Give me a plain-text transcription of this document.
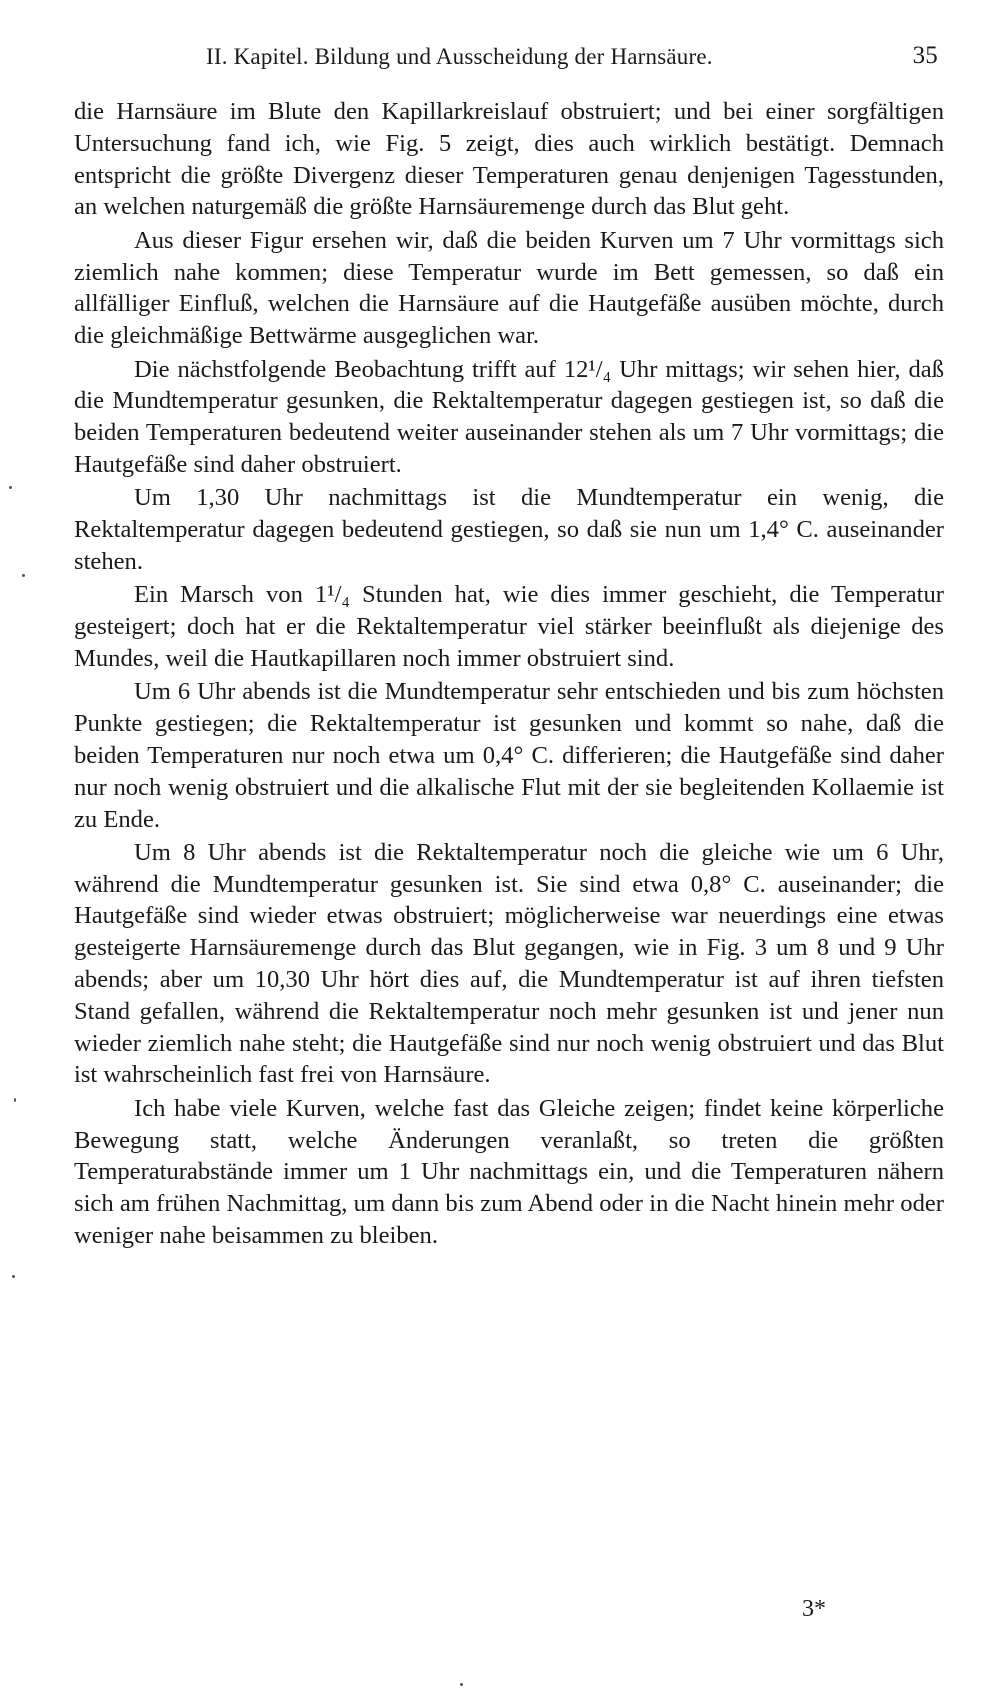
II. Kapitel. Bildung und Ausscheidung der Harnsäure.	35

die Harnsäure im Blute den Kapillarkreislauf obstruiert; und bei einer sorgfältigen Untersuchung fand ich, wie Fig. 5 zeigt, dies auch wirklich bestätigt. Demnach entspricht die größte Divergenz dieser Temperaturen genau denjenigen Tagesstunden, an welchen naturgemäß die größte Harnsäuremenge durch das Blut geht.

Aus dieser Figur ersehen wir, daß die beiden Kurven um 7 Uhr vormittags sich ziemlich nahe kommen; diese Temperatur wurde im Bett gemessen, so daß ein allfälliger Einfluß, welchen die Harnsäure auf die Hautgefäße ausüben möchte, durch die gleichmäßige Bettwärme ausgeglichen war.

Die nächstfolgende Beobachtung trifft auf 12¹/₄ Uhr mittags; wir sehen hier, daß die Mundtemperatur gesunken, die Rektaltemperatur dagegen gestiegen ist, so daß die beiden Temperaturen bedeutend weiter auseinander stehen als um 7 Uhr vormittags; die Hautgefäße sind daher obstruiert.

Um 1,30 Uhr nachmittags ist die Mundtemperatur ein wenig, die Rektaltemperatur dagegen bedeutend gestiegen, so daß sie nun um 1,4° C. auseinander stehen.

Ein Marsch von 1¹/₄ Stunden hat, wie dies immer geschieht, die Temperatur gesteigert; doch hat er die Rektaltemperatur viel stärker beeinflußt als diejenige des Mundes, weil die Hautkapillaren noch immer obstruiert sind.

Um 6 Uhr abends ist die Mundtemperatur sehr entschieden und bis zum höchsten Punkte gestiegen; die Rektaltemperatur ist gesunken und kommt so nahe, daß die beiden Temperaturen nur noch etwa um 0,4° C. differieren; die Hautgefäße sind daher nur noch wenig obstruiert und die alkalische Flut mit der sie begleitenden Kollaemie ist zu Ende.

Um 8 Uhr abends ist die Rektaltemperatur noch die gleiche wie um 6 Uhr, während die Mundtemperatur gesunken ist. Sie sind etwa 0,8° C. auseinander; die Hautgefäße sind wieder etwas obstruiert; möglicherweise war neuerdings eine etwas gesteigerte Harnsäuremenge durch das Blut gegangen, wie in Fig. 3 um 8 und 9 Uhr abends; aber um 10,30 Uhr hört dies auf, die Mundtemperatur ist auf ihren tiefsten Stand gefallen, während die Rektaltemperatur noch mehr gesunken ist und jener nun wieder ziemlich nahe steht; die Hautgefäße sind nur noch wenig obstruiert und das Blut ist wahrscheinlich fast frei von Harnsäure.

Ich habe viele Kurven, welche fast das Gleiche zeigen; findet keine körperliche Bewegung statt, welche Änderungen veranlaßt, so treten die größten Temperaturabstände immer um 1 Uhr nachmittags ein, und die Temperaturen nähern sich am frühen Nachmittag, um dann bis zum Abend oder in die Nacht hinein mehr oder weniger nahe beisammen zu bleiben.

3*
